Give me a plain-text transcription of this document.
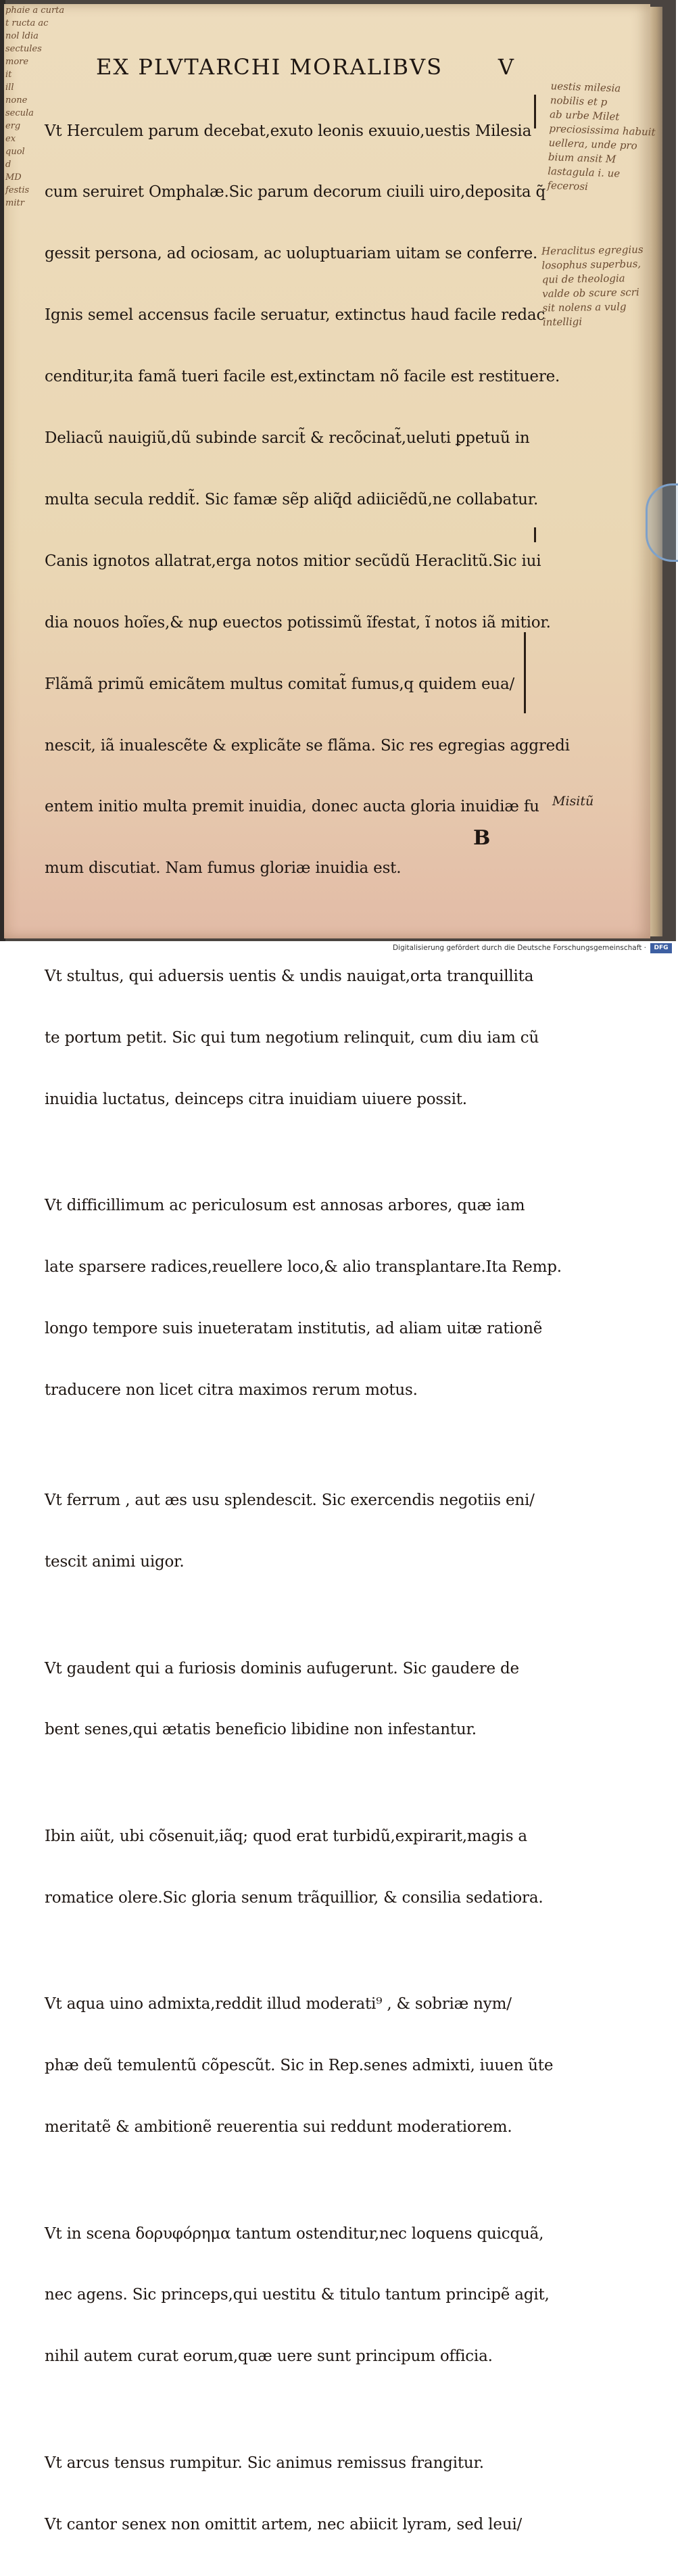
EX PLVTARCHI MORALIBVS	V
phaie a curta
t ructa ac
nol ldia
sectules
more
it
ill
none
secula
erg
ex
quol
d
MD
festis
mitr
uestis milesia
nobilis et p
ab urbe Milet
preciosissima habuit
uellera, unde pro
bium ansit M
lastagula i. ue
fecerosi
Heraclitus egregius
losophus superbus,
qui de theologia
valde ob scure scri
sit nolens a vulg
intelligi
Misitũ

Vt Herculem parum decebat,exuto leonis exuuio,uestis Milesia

cum seruiret Omphalæ.Sic parum decorum ciuili uiro,deposita q̃

gessit persona, ad ociosam, ac uoluptuariam uitam se conferre.

Ignis semel accensus facile seruatur, extinctus haud facile redac

cenditur,ita famã tueri facile est,extinctam nõ facile est restituere.

Deliacũ nauigiũ,dũ subinde sarcit̃ & recõcinat̃,ueluti ꝑpetuũ in

multa secula reddit̃. Sic famæ sẽp aliq̃d adiiciẽdũ,ne collabatur.

Canis ignotos allatrat,erga notos mitior secũdũ Heraclitũ.Sic iui

dia nouos hoĩes,& nuꝑ euectos potissimũ ĩfestat, ĩ notos iã mitior.

Flãmã primũ emicãtem multus comitat̃ fumus,q quidem eua/

nescit, iã inualescẽte & explicãte se flãma. Sic res egregias aggredi

entem initio multa premit inuidia, donec aucta gloria inuidiæ fu

mum discutiat. Nam fumus gloriæ inuidia est.

Vt stultus, qui aduersis uentis & undis nauigat,orta tranquillita

te portum petit. Sic qui tum negotium relinquit, cum diu iam cũ

inuidia luctatus, deinceps citra inuidiam uiuere possit.

Vt difficillimum ac periculosum est annosas arbores, quæ iam

late sparsere radices,reuellere loco,& alio transplantare.Ita Remp.

longo tempore suis inueteratam institutis, ad aliam uitæ rationẽ

traducere non licet citra maximos rerum motus.

Vt ferrum , aut æs usu splendescit. Sic exercendis negotiis eni/

tescit animi uigor.

Vt gaudent qui a furiosis dominis aufugerunt. Sic gaudere de

bent senes,qui ætatis beneficio libidine non infestantur.

Ibin aiũt, ubi cõsenuit,iãq; quod erat turbidũ,expirarit,magis a

romatice olere.Sic gloria senum trãquillior, & consilia sedatiora.

Vt aqua uino admixta,reddit illud moderati⁹ , & sobriæ nym/

phæ deũ temulentũ cõpescũt. Sic in Rep.senes admixti, iuuen ũte

meritatẽ & ambitionẽ reuerentia sui reddunt moderatiorem.

Vt in scena δορυφόρημα tantum ostenditur,nec loquens quicquã,

nec agens. Sic princeps,qui uestitu & titulo tantum principẽ agit,

nihil autem curat eorum,quæ uere sunt principum officia.

Vt arcus tensus rumpitur. Sic animus remissus frangitur.

Vt cantor senex non omittit artem, nec abiicit lyram, sed leui/

B
Digitalisierung gefördert durch die Deutsche Forschungsgemeinschaft ·	DFG
